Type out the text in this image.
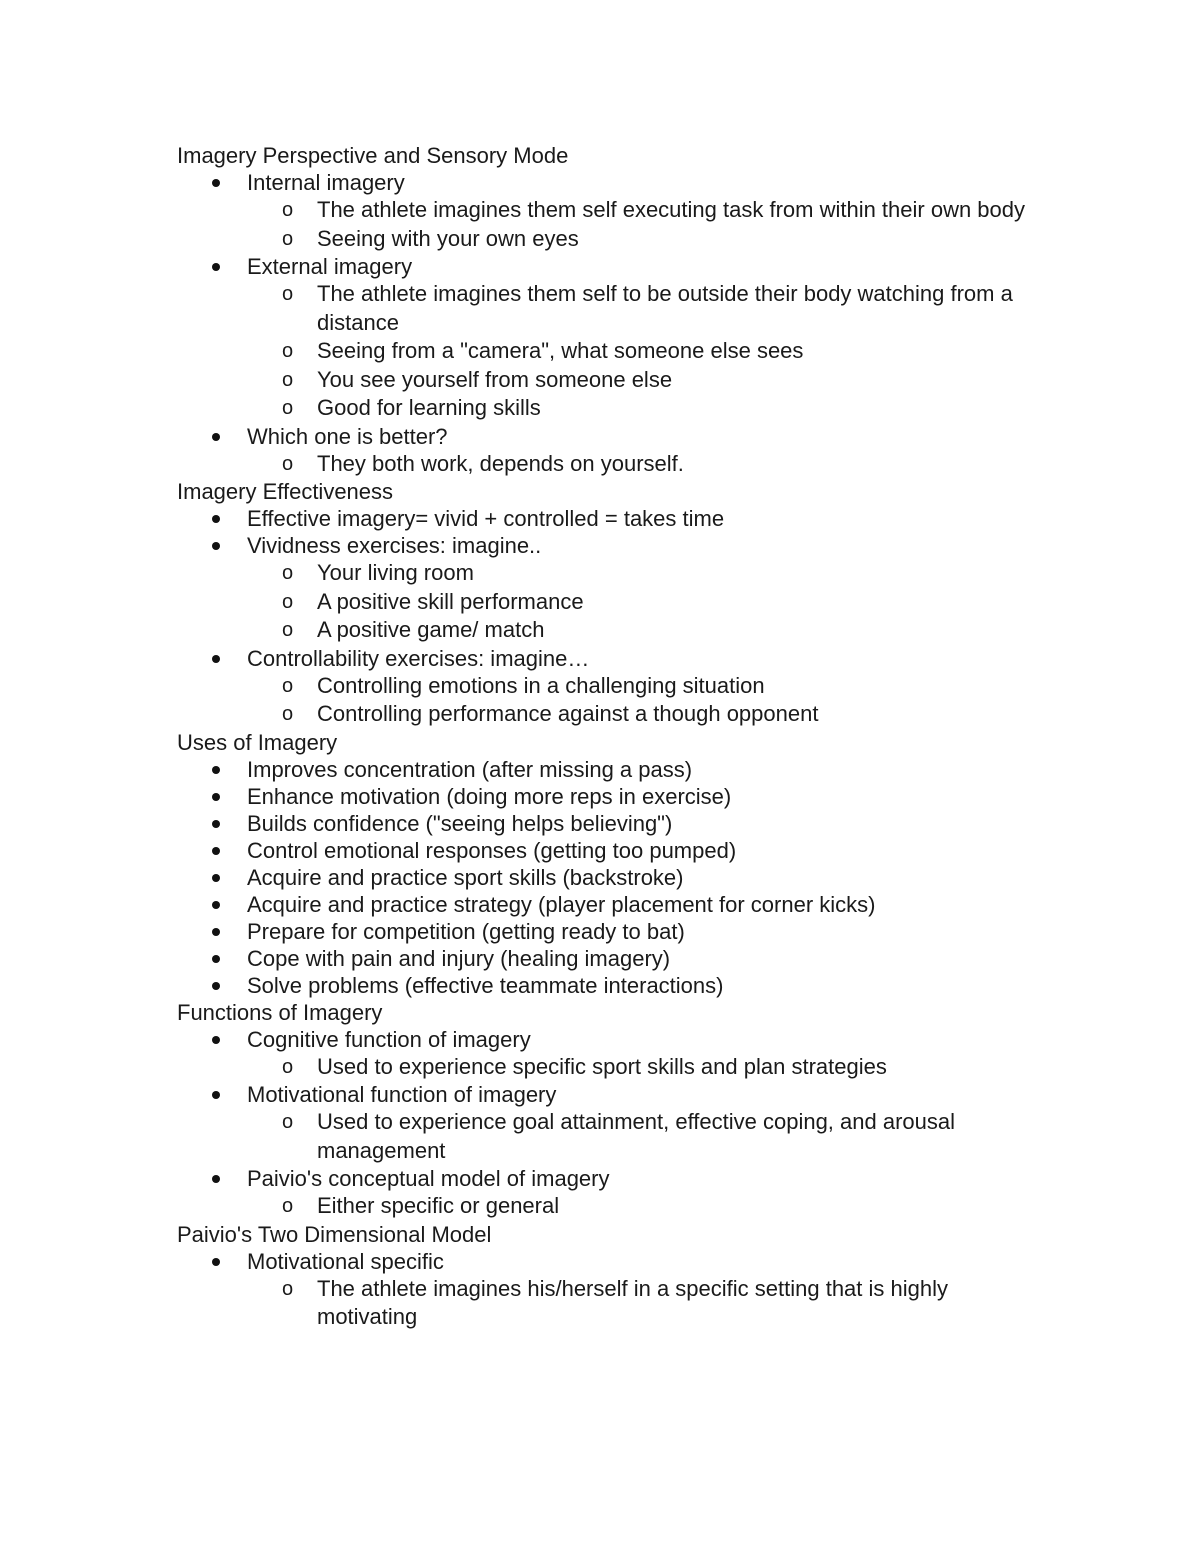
Imagery Perspective and Sensory Mode
Internal imagery
o The athlete imagines them self executing task from within their own body
o Seeing with your own eyes
External imagery
o The athlete imagines them self to be outside their body watching from a distance
o Seeing from a "camera", what someone else sees
o You see yourself from someone else
o Good for learning skills
Which one is better?
o They both work, depends on yourself.
Imagery Effectiveness
Effective imagery= vivid + controlled = takes time
Vividness exercises: imagine..
o Your living room
o A positive skill performance
o A positive game/ match
Controllability exercises: imagine…
o Controlling emotions in a challenging situation
o Controlling performance against a though opponent
Uses of Imagery
Improves concentration (after missing a pass)
Enhance motivation (doing more reps in exercise)
Builds confidence ("seeing helps believing")
Control emotional responses (getting too pumped)
Acquire and practice sport skills (backstroke)
Acquire and practice strategy (player placement for corner kicks)
Prepare for competition (getting ready to bat)
Cope with pain and injury (healing imagery)
Solve problems (effective teammate interactions)
Functions of Imagery
Cognitive function of imagery
o Used to experience specific sport skills and plan strategies
Motivational function of imagery
o Used to experience goal attainment, effective coping, and arousal management
Paivio's conceptual model of imagery
o Either specific or general
Paivio's Two Dimensional Model
Motivational specific
o The athlete imagines his/herself in a specific setting that is highly motivating
